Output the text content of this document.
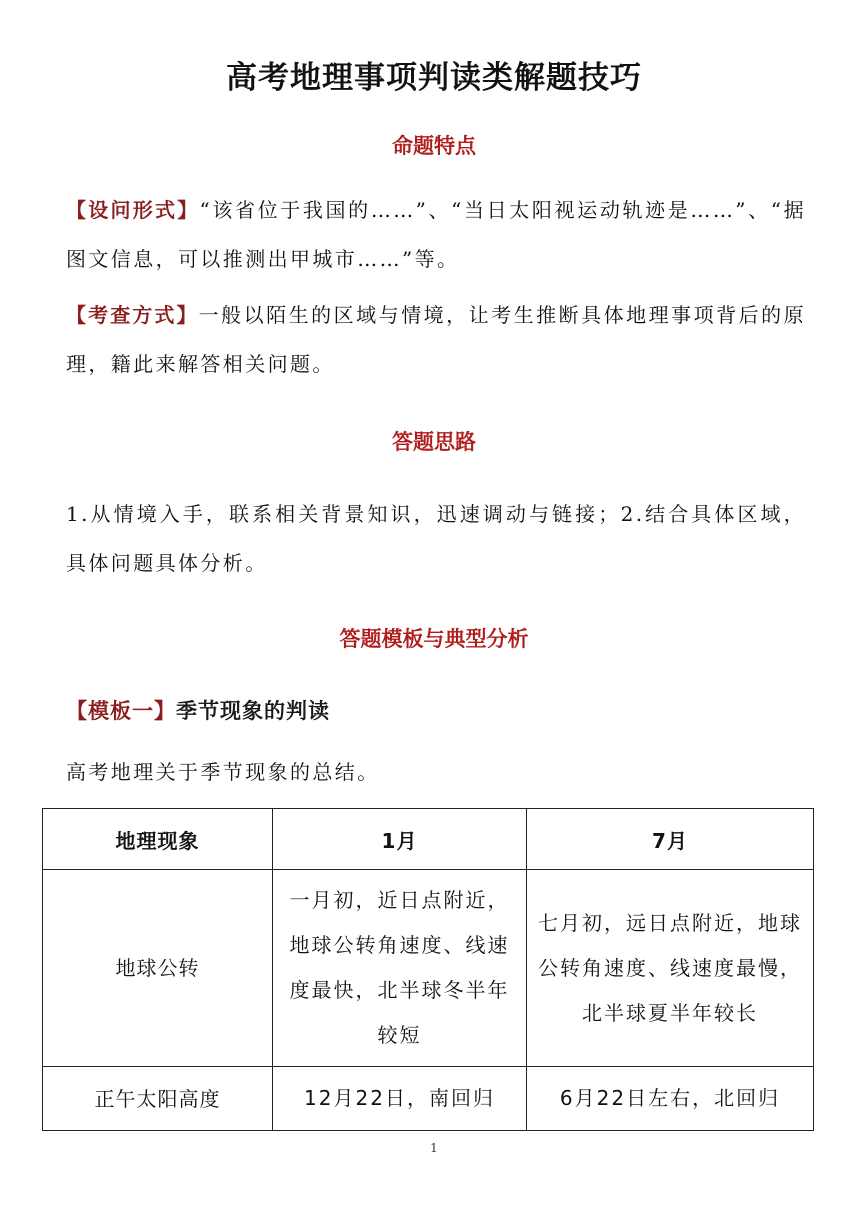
高考地理事项判读类解题技巧
命题特点
【设问形式】“该省位于我国的……”、“当日太阳视运动轨迹是……”、“据图文信息，可以推测出甲城市……”等。
【考查方式】一般以陌生的区域与情境，让考生推断具体地理事项背后的原理，籍此来解答相关问题。
答题思路
1.从情境入手，联系相关背景知识，迅速调动与链接；2.结合具体区域，具体问题具体分析。
答题模板与典型分析
【模板一】季节现象的判读
高考地理关于季节现象的总结。
地理现象	1月	7月
地球公转	一月初，近日点附近，地球公转角速度、线速度最快，北半球冬半年较短	七月初，远日点附近，地球公转角速度、线速度最慢，北半球夏半年较长
正午太阳高度	12月22日，南回归	6月22日左右，北回归
1
